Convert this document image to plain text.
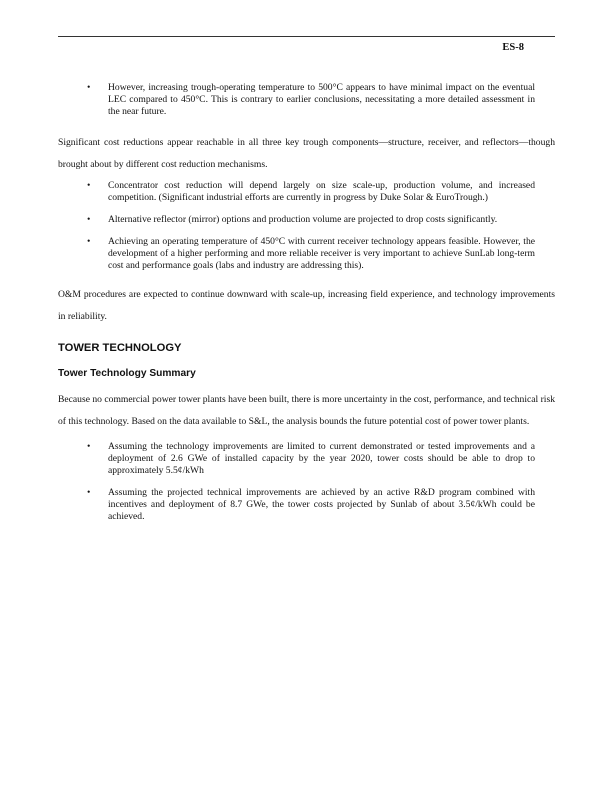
ES-8
• However, increasing trough-operating temperature to 500°C appears to have minimal impact on the eventual LEC compared to 450°C. This is contrary to earlier conclusions, necessitating a more detailed assessment in the near future.

Significant cost reductions appear reachable in all three key trough components—structure, receiver, and reflectors—though brought about by different cost reduction mechanisms.

• Concentrator cost reduction will depend largely on size scale-up, production volume, and increased competition. (Significant industrial efforts are currently in progress by Duke Solar & EuroTrough.)
• Alternative reflector (mirror) options and production volume are projected to drop costs significantly.
• Achieving an operating temperature of 450°C with current receiver technology appears feasible. However, the development of a higher performing and more reliable receiver is very important to achieve SunLab long-term cost and performance goals (labs and industry are addressing this).

O&M procedures are expected to continue downward with scale-up, increasing field experience, and technology improvements in reliability.

TOWER TECHNOLOGY
Tower Technology Summary

Because no commercial power tower plants have been built, there is more uncertainty in the cost, performance, and technical risk of this technology. Based on the data available to S&L, the analysis bounds the future potential cost of power tower plants.

• Assuming the technology improvements are limited to current demonstrated or tested improvements and a deployment of 2.6 GWe of installed capacity by the year 2020, tower costs should be able to drop to approximately 5.5¢/kWh
• Assuming the projected technical improvements are achieved by an active R&D program combined with incentives and deployment of 8.7 GWe, the tower costs projected by Sunlab of about 3.5¢/kWh could be achieved.
